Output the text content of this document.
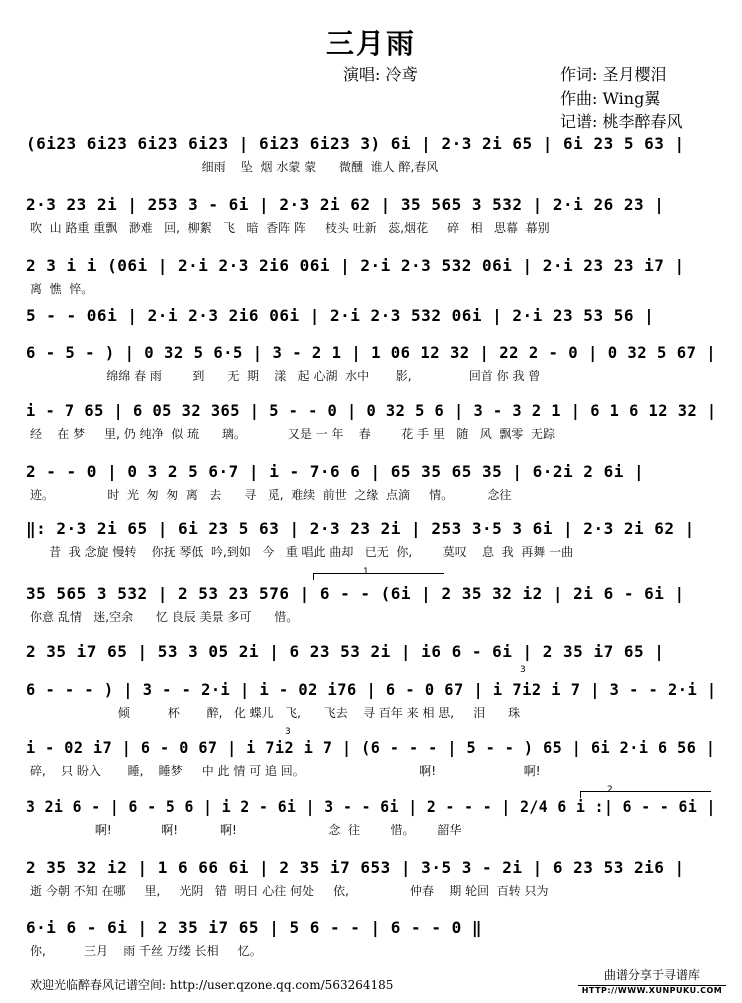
三月雨
演唱: 冷鸢	作词: 圣月樱泪
作曲: Wing翼
记谱: 桃李醉春风
(6i23 6i23 6i23 6i23 | 6i23 6i23 3) 6i | 2·3 2i 65 | 6i 23 5 63 |
细雨    坠  烟 水蒙 蒙      微醺  谁人 醉,春风
2·3 23 2i | 253 3 - 6i | 2·3 2i 62 | 35 565 3 532 | 2·i 26 23 |
吹  山 路重 重飘   渺难   回,  柳絮   飞   暗  香阵 阵     枝头 吐新   蕊,烟花     碎   相   思幕  幕别
2 3 i i (06i | 2·i 2·3 2i6 06i | 2·i 2·3 532 06i | 2·i 23 23 i7 |
离  憔  悴。
5 - - 06i | 2·i 2·3 2i6 06i | 2·i 2·3 532 06i | 2·i 23 53 56 |
6 - 5 - ) | 0 32 5 6·5 | 3 - 2 1 | 1 06 12 32 | 22 2 - 0 | 0 32 5 67 |
绵绵 春 雨        到      无  期    漾   起 心湖  水中       影,               回首 你 我 曾
i - 7 65 | 6 05 32 365 | 5 - - 0 | 0 32 5 6 | 3 - 3 2 1 | 6 1 6 12 32 |
经    在 梦     里, 仍 纯净  似 琉      璃。           又是 一 年    春        花 手 里   随   风  飘零  无踪
2 - - 0 | 0 3 2 5 6·7 | i - 7·6 6 | 65 35 65 35 | 6·2i 2 6i |
迹。              时  光  匆  匆  离   去      寻   觅,  难续  前世  之缘  点滴     情。         念往
‖: 2·3 2i 65 | 6i 23 5 63 | 2·3 23 2i | 253 3·5 3 6i | 2·3 2i 62 |
昔  我 念旋 慢转    你抚 琴低  吟,到如   今   重 唱此 曲却   已无  你,        莫叹    息  我  再舞 一曲
35 565 3 532 | 2 53 23 576 | 6 - - (6i | 2 35 32 i2 | 2i 6 - 6i |
你意 乱情   迷,空余      忆 良辰 美景 多可      惜。
2 35 i7 65 | 53 3 05 2i | 6 23 53 2i | i6 6 - 6i | 2 35 i7 65 |
6 - - - ) | 3 - - 2·i | i - 02 i76 | 6 - 0 67 | i 7i2 i 7 | 3 - - 2·i |
倾          杯       醉,   化 蝶儿   飞,      飞去    寻 百年 来 相 思,     泪      珠
i - 02 i7 | 6 - 0 67 | i 7i2 i 7 | (6 - - - | 5 - - ) 65 | 6i 2·i 6 56 |
碎,    只 盼入       睡,    睡梦     中 此 情 可 追 回。                              啊!                       啊!
3 2i 6 - | 6 - 5 6 | i 2 - 6i | 3 - - 6i | 2 - - - | 2/4 6 i :| 6 - - 6i |
啊!             啊!           啊!                        念  往        惜。      韶华
2 35 32 i2 | 1 6 66 6i | 2 35 i7 653 | 3·5 3 - 2i | 6 23 53 2i6 |
逝 今朝 不知 在哪     里,     光阴   错  明日 心往 何处     依,                仲春    期 轮回  百转 只为
6·i 6 - 6i | 2 35 i7 65 | 5 6 - - | 6 - - 0 ‖
你,          三月    雨 千丝 万缕 长相     忆。
1
2
3
3
欢迎光临醉春风记谱空间: http://user.qzone.qq.com/563264185
曲谱分享于寻谱库
HTTP://WWW.XUNPUKU.COM
